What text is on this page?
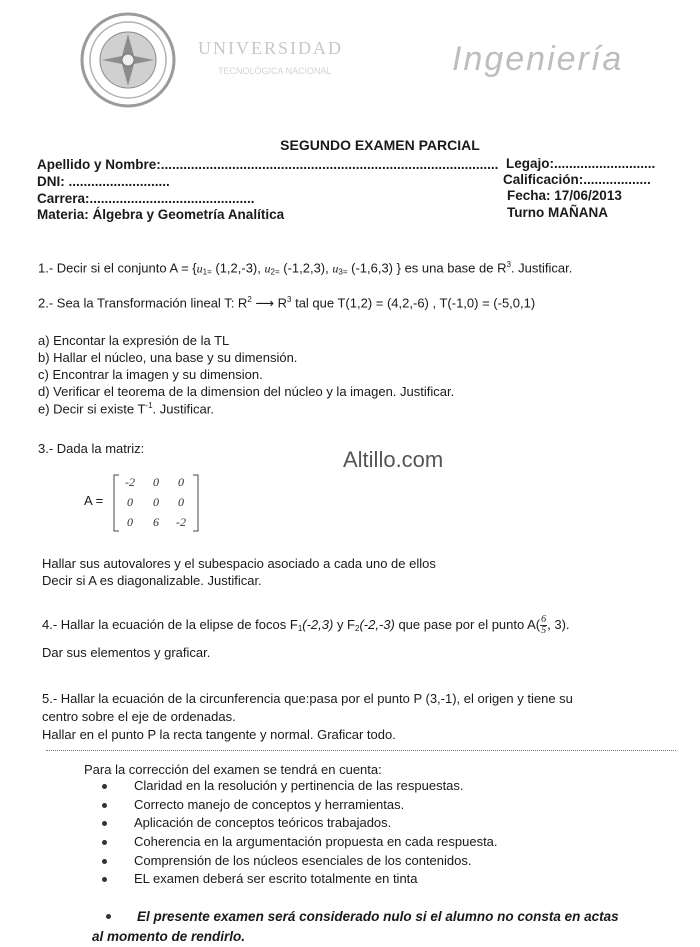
UNIVERSIDAD
TECNOLÓGICA NACIONAL	Ingeniería
SEGUNDO EXAMEN PARCIAL
Apellido y Nombre:..........................................................................................
DNI: ...........................
Carrera:............................................
Materia: Álgebra y Geometría Analítica
Legajo:...........................
Calificación:..................
Fecha: 17/06/2013
Turno MAÑANA
1.- Decir si el conjunto $A = \{u_{1=}$ (1,2,-3), $u_{2=}$ (-1,2,3), $u_{3=}$ (-1,6,3) } es una base de $R^3$. Justificar.
2.- Sea la Transformación lineal T: $R^2$ ⟶ $R^3$ tal que T(1,2) = (4,2,-6) , T(-1,0) = (-5,0,1)
a) Encontar la expresión de la TL
b) Hallar el núcleo, una base y su dimensión.
c) Encontrar la imagen y su dimension.
d) Verificar el teorema de la dimension del núcleo y la imagen. Justificar.
e) Decir si existe $T^{-1}$. Justificar.
3.- Dada la matriz:	Altillo.com
A =
-2	0	0
0	0	0
0	6	-2
Hallar sus autovalores y el subespacio asociado a cada uno de ellos
Decir si A es diagonalizable. Justificar.
4.- Hallar la ecuación de la elipse de focos $F_1(-2,3)$ y $F_2(-2,-3)$ que pase por el punto $A( \frac{6}{5}$ , 3).
Dar sus elementos y graficar.
5.- Hallar la ecuación de la circunferencia que:pasa por el punto P (3,-1), el origen y tiene su
centro sobre el eje de ordenadas.
Hallar en el punto P la recta tangente y normal. Graficar todo.
Para la corrección del examen se tendrá en cuenta:
Claridad en la resolución y pertinencia de las respuestas.
Correcto manejo de conceptos y herramientas.
Aplicación de conceptos teóricos trabajados.
Coherencia en la argumentación propuesta en cada respuesta.
Comprensión de los núcleos esenciales de los contenidos.
EL examen deberá ser escrito totalmente en tinta
El presente examen será considerado nulo si el alumno no consta en actas
al momento de rendirlo.
